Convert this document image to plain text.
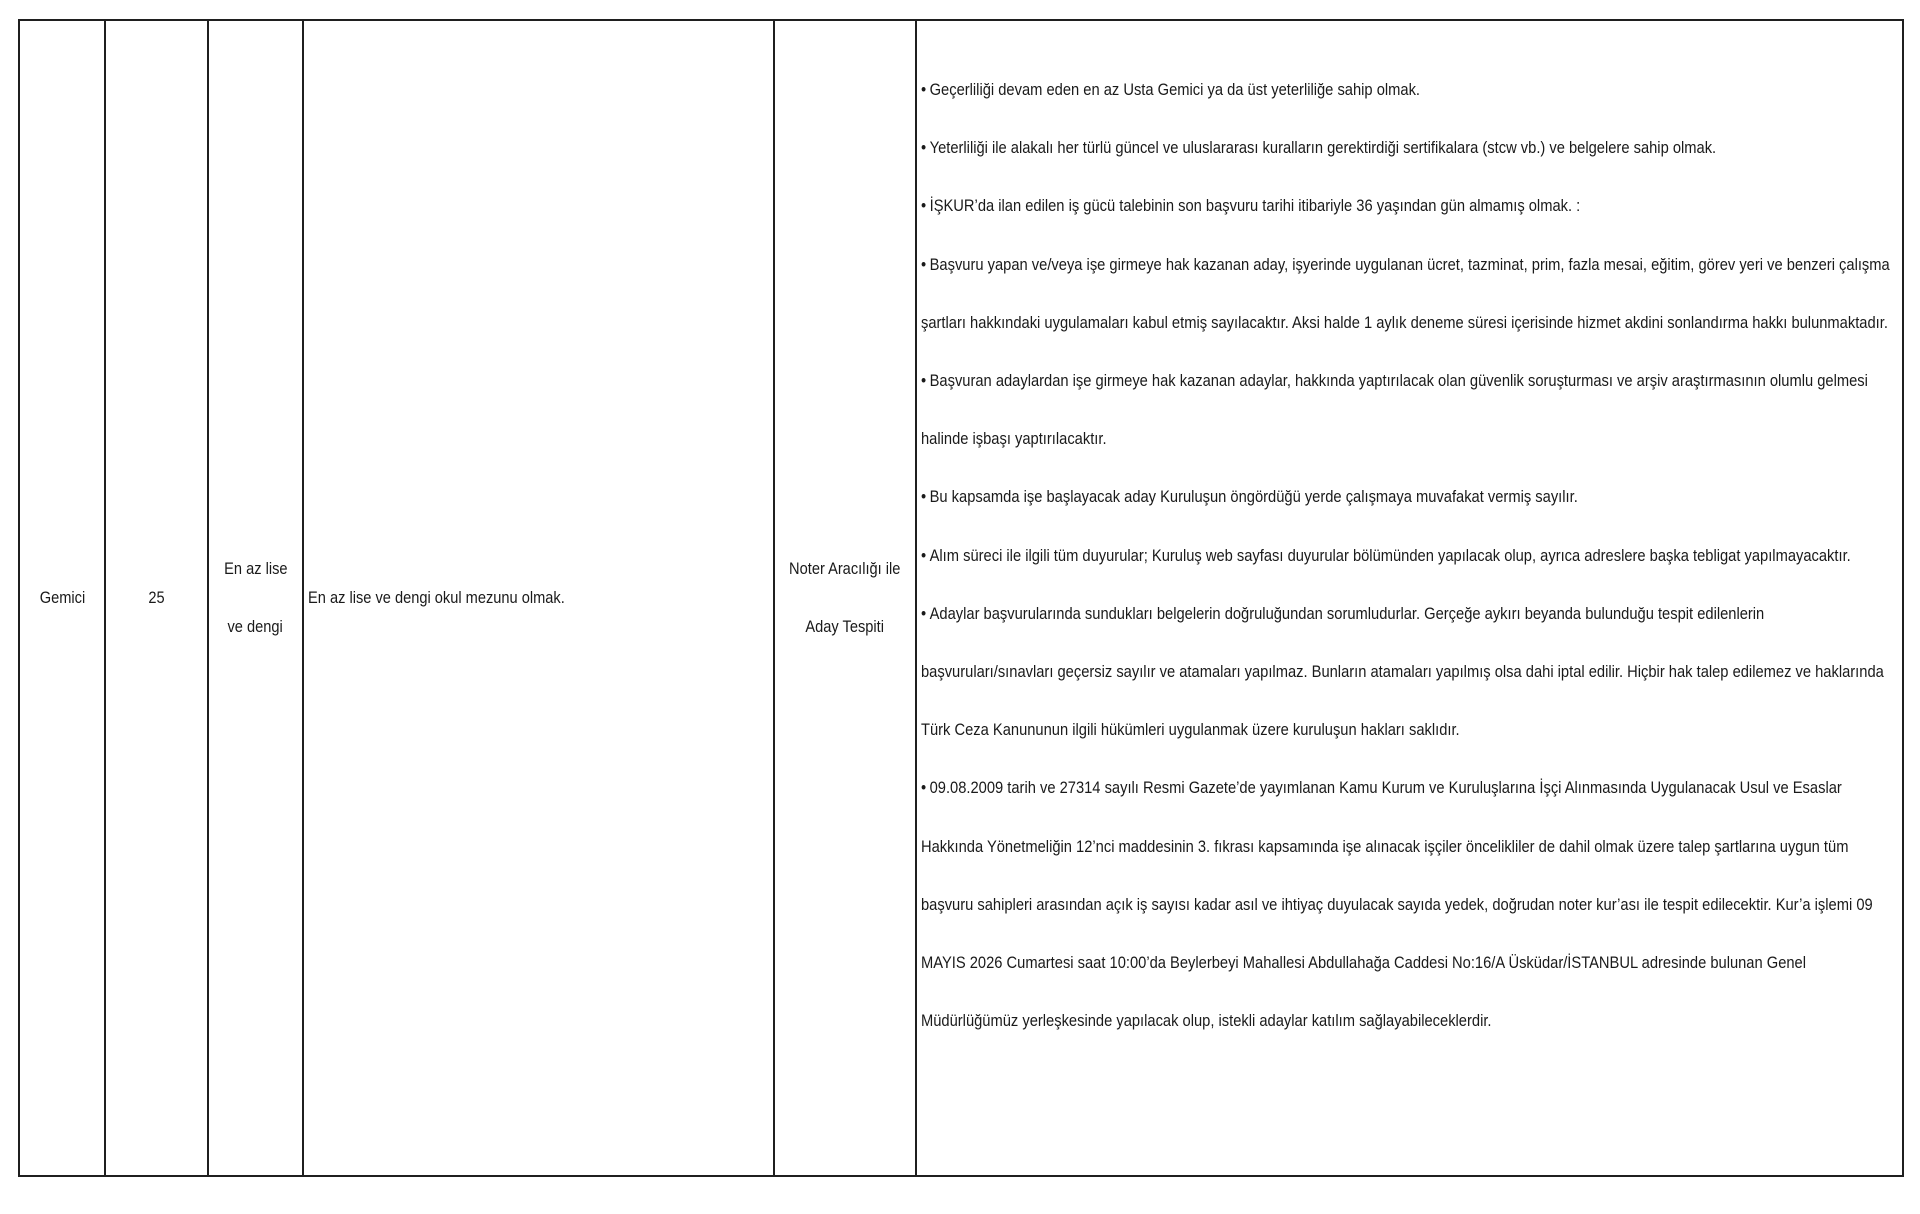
Gemici	25
En az lise
ve dengi
En az lise ve dengi okul mezunu olmak.
Noter Aracılığı ile
Aday Tespiti
• Geçerliliği devam eden en az Usta Gemici ya da üst yeterliliğe sahip olmak.
• Yeterliliği ile alakalı her türlü güncel ve uluslararası kuralların gerektirdiği sertifikalara (stcw vb.) ve belgelere sahip olmak.
• İŞKUR’da ilan edilen iş gücü talebinin son başvuru tarihi itibariyle 36 yaşından gün almamış olmak. :
• Başvuru yapan ve/veya işe girmeye hak kazanan aday, işyerinde uygulanan ücret, tazminat, prim, fazla mesai, eğitim, görev yeri ve benzeri çalışma şartları hakkındaki uygulamaları kabul etmiş sayılacaktır. Aksi halde 1 aylık deneme süresi içerisinde hizmet akdini sonlandırma hakkı bulunmaktadır.
• Başvuran adaylardan işe girmeye hak kazanan adaylar, hakkında yaptırılacak olan güvenlik soruşturması ve arşiv araştırmasının olumlu gelmesi halinde işbaşı yaptırılacaktır.
• Bu kapsamda işe başlayacak aday Kuruluşun öngördüğü yerde çalışmaya muvafakat vermiş sayılır.
• Alım süreci ile ilgili tüm duyurular; Kuruluş web sayfası duyurular bölümünden yapılacak olup, ayrıca adreslere başka tebligat yapılmayacaktır.
• Adaylar başvurularında sundukları belgelerin doğruluğundan sorumludurlar. Gerçeğe aykırı beyanda bulunduğu tespit edilenlerin başvuruları/sınavları geçersiz sayılır ve atamaları yapılmaz. Bunların atamaları yapılmış olsa dahi iptal edilir. Hiçbir hak talep edilemez ve haklarında Türk Ceza Kanununun ilgili hükümleri uygulanmak üzere kuruluşun hakları saklıdır.
• 09.08.2009 tarih ve 27314 sayılı Resmi Gazete’de yayımlanan Kamu Kurum ve Kuruluşlarına İşçi Alınmasında Uygulanacak Usul ve Esaslar Hakkında Yönetmeliğin 12’nci maddesinin 3. fıkrası kapsamında işe alınacak işçiler öncelikliler de dahil olmak üzere talep şartlarına uygun tüm başvuru sahipleri arasından açık iş sayısı kadar asıl ve ihtiyaç duyulacak sayıda yedek, doğrudan noter kur’ası ile tespit edilecektir. Kur’a işlemi 09 MAYIS 2026 Cumartesi saat 10:00’da Beylerbeyi Mahallesi Abdullahağa Caddesi No:16/A Üsküdar/İSTANBUL adresinde bulunan Genel Müdürlüğümüz yerleşkesinde yapılacak olup, istekli adaylar katılım sağlayabileceklerdir.
